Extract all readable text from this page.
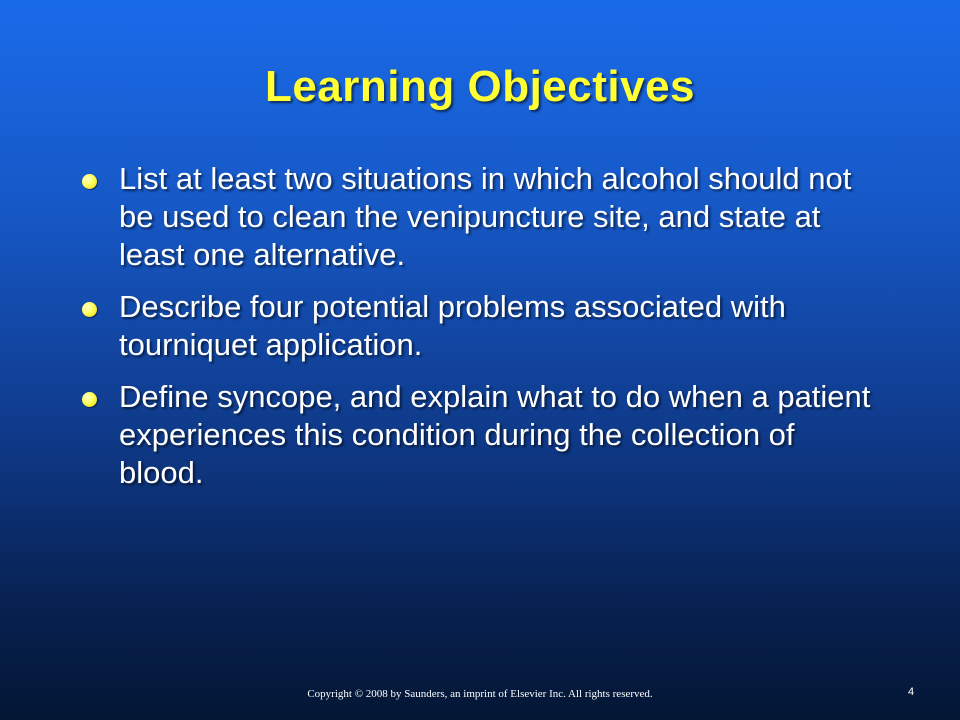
Learning Objectives
List at least two situations in which alcohol should not be used to clean the venipuncture site, and state at least one alternative.
Describe four potential problems associated with tourniquet application.
Define syncope, and explain what to do when a patient experiences this condition during the collection of blood.
Copyright © 2008 by Saunders, an imprint of Elsevier Inc. All rights reserved.	4
